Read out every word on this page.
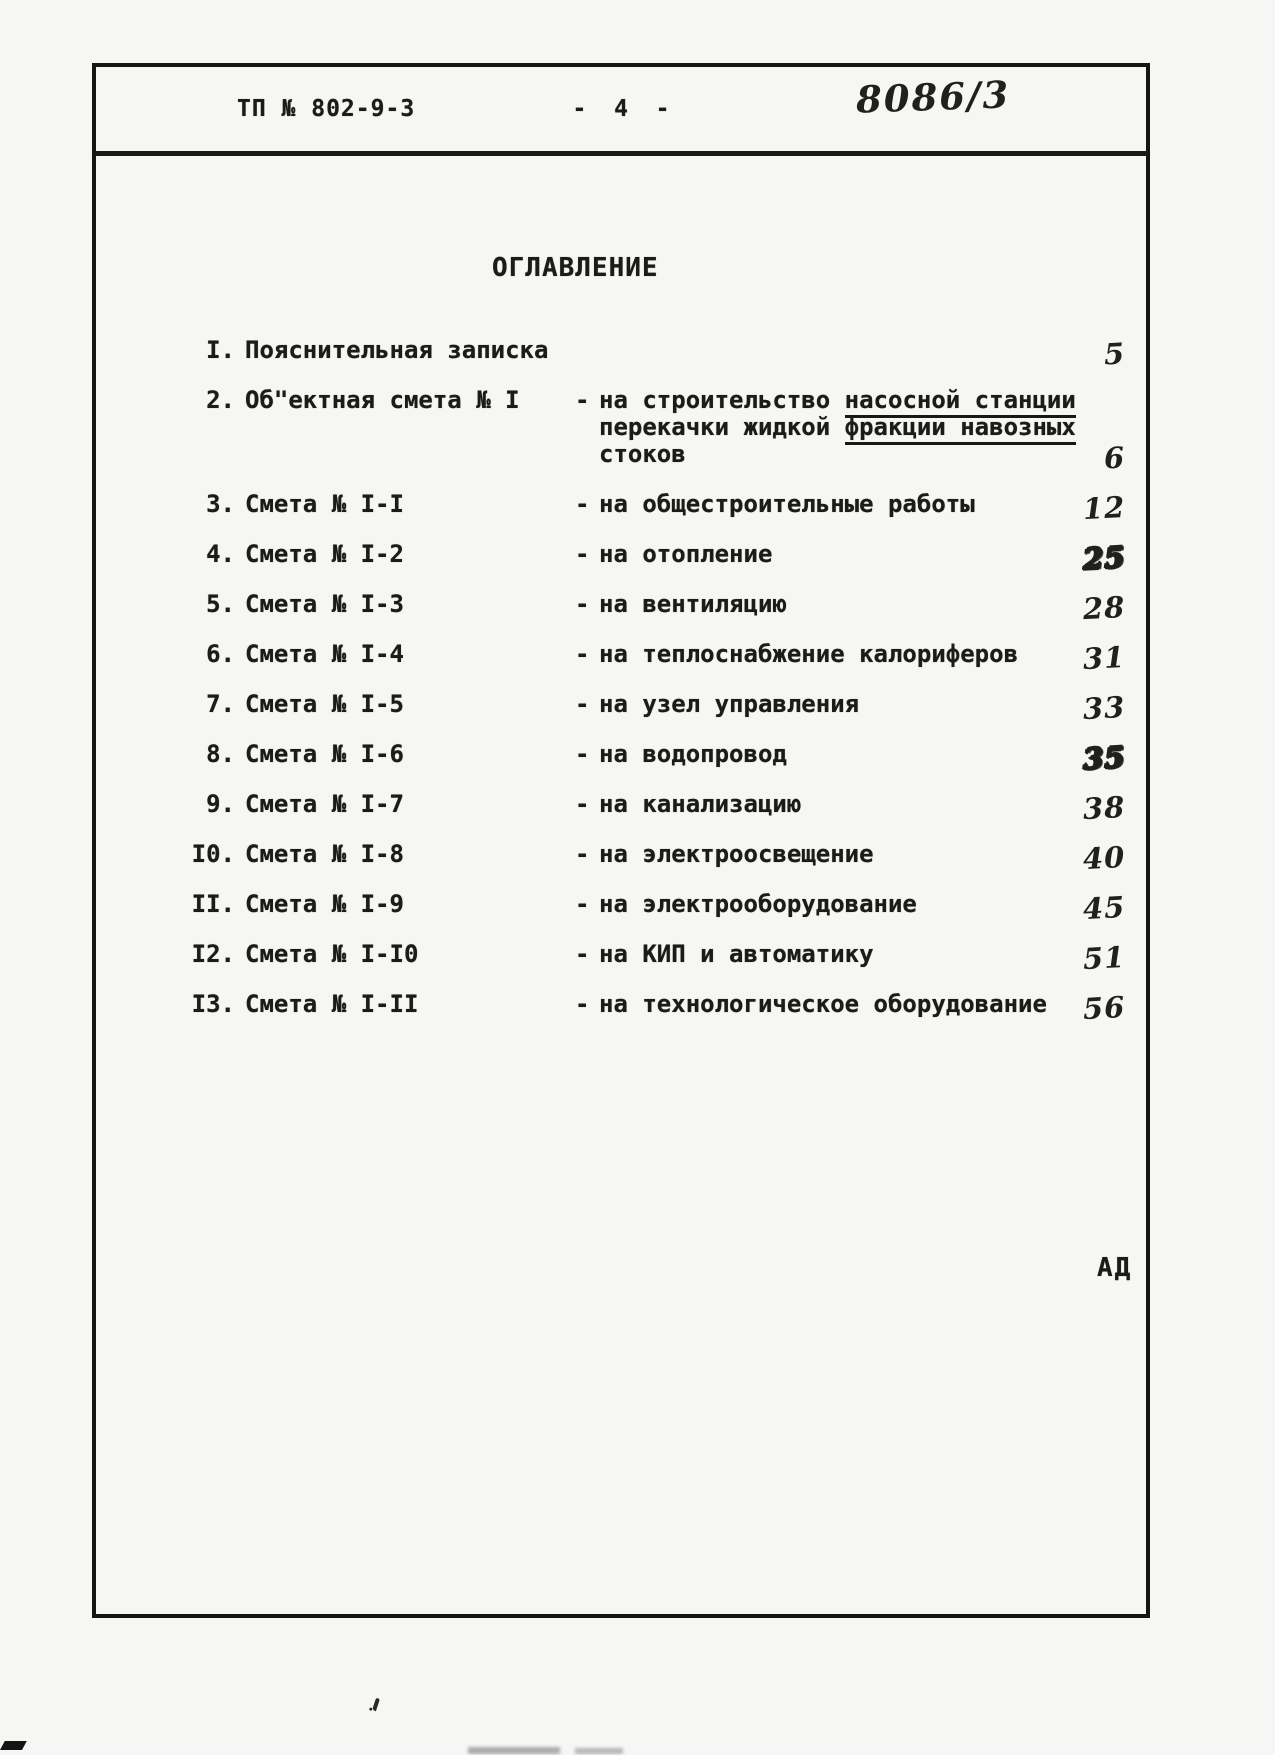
ТП № 802-9-3	-  4  -	8086/3
ОГЛАВЛЕНИЕ
I. Пояснительная записка	5
2. Об"ектная смета № I	- на строительство насосной станции
перекачки жидкой фракции навозных
стоков	6
3. Смета № I-I	- на общестроительные работы	12
4. Смета № I-2	- на отопление	25
5. Смета № I-3	- на вентиляцию	28
6. Смета № I-4	- на теплоснабжение калориферов	31
7. Смета № I-5	- на узел управления	33
8. Смета № I-6	- на водопровод	35
9. Смета № I-7	- на канализацию	38
I0. Смета № I-8	- на электроосвещение	40
II. Смета № I-9	- на электрооборудование	45
I2. Смета № I-I0	- на КИП и автоматику	51
I3. Смета № I-II	- на технологическое оборудование	56
АД
